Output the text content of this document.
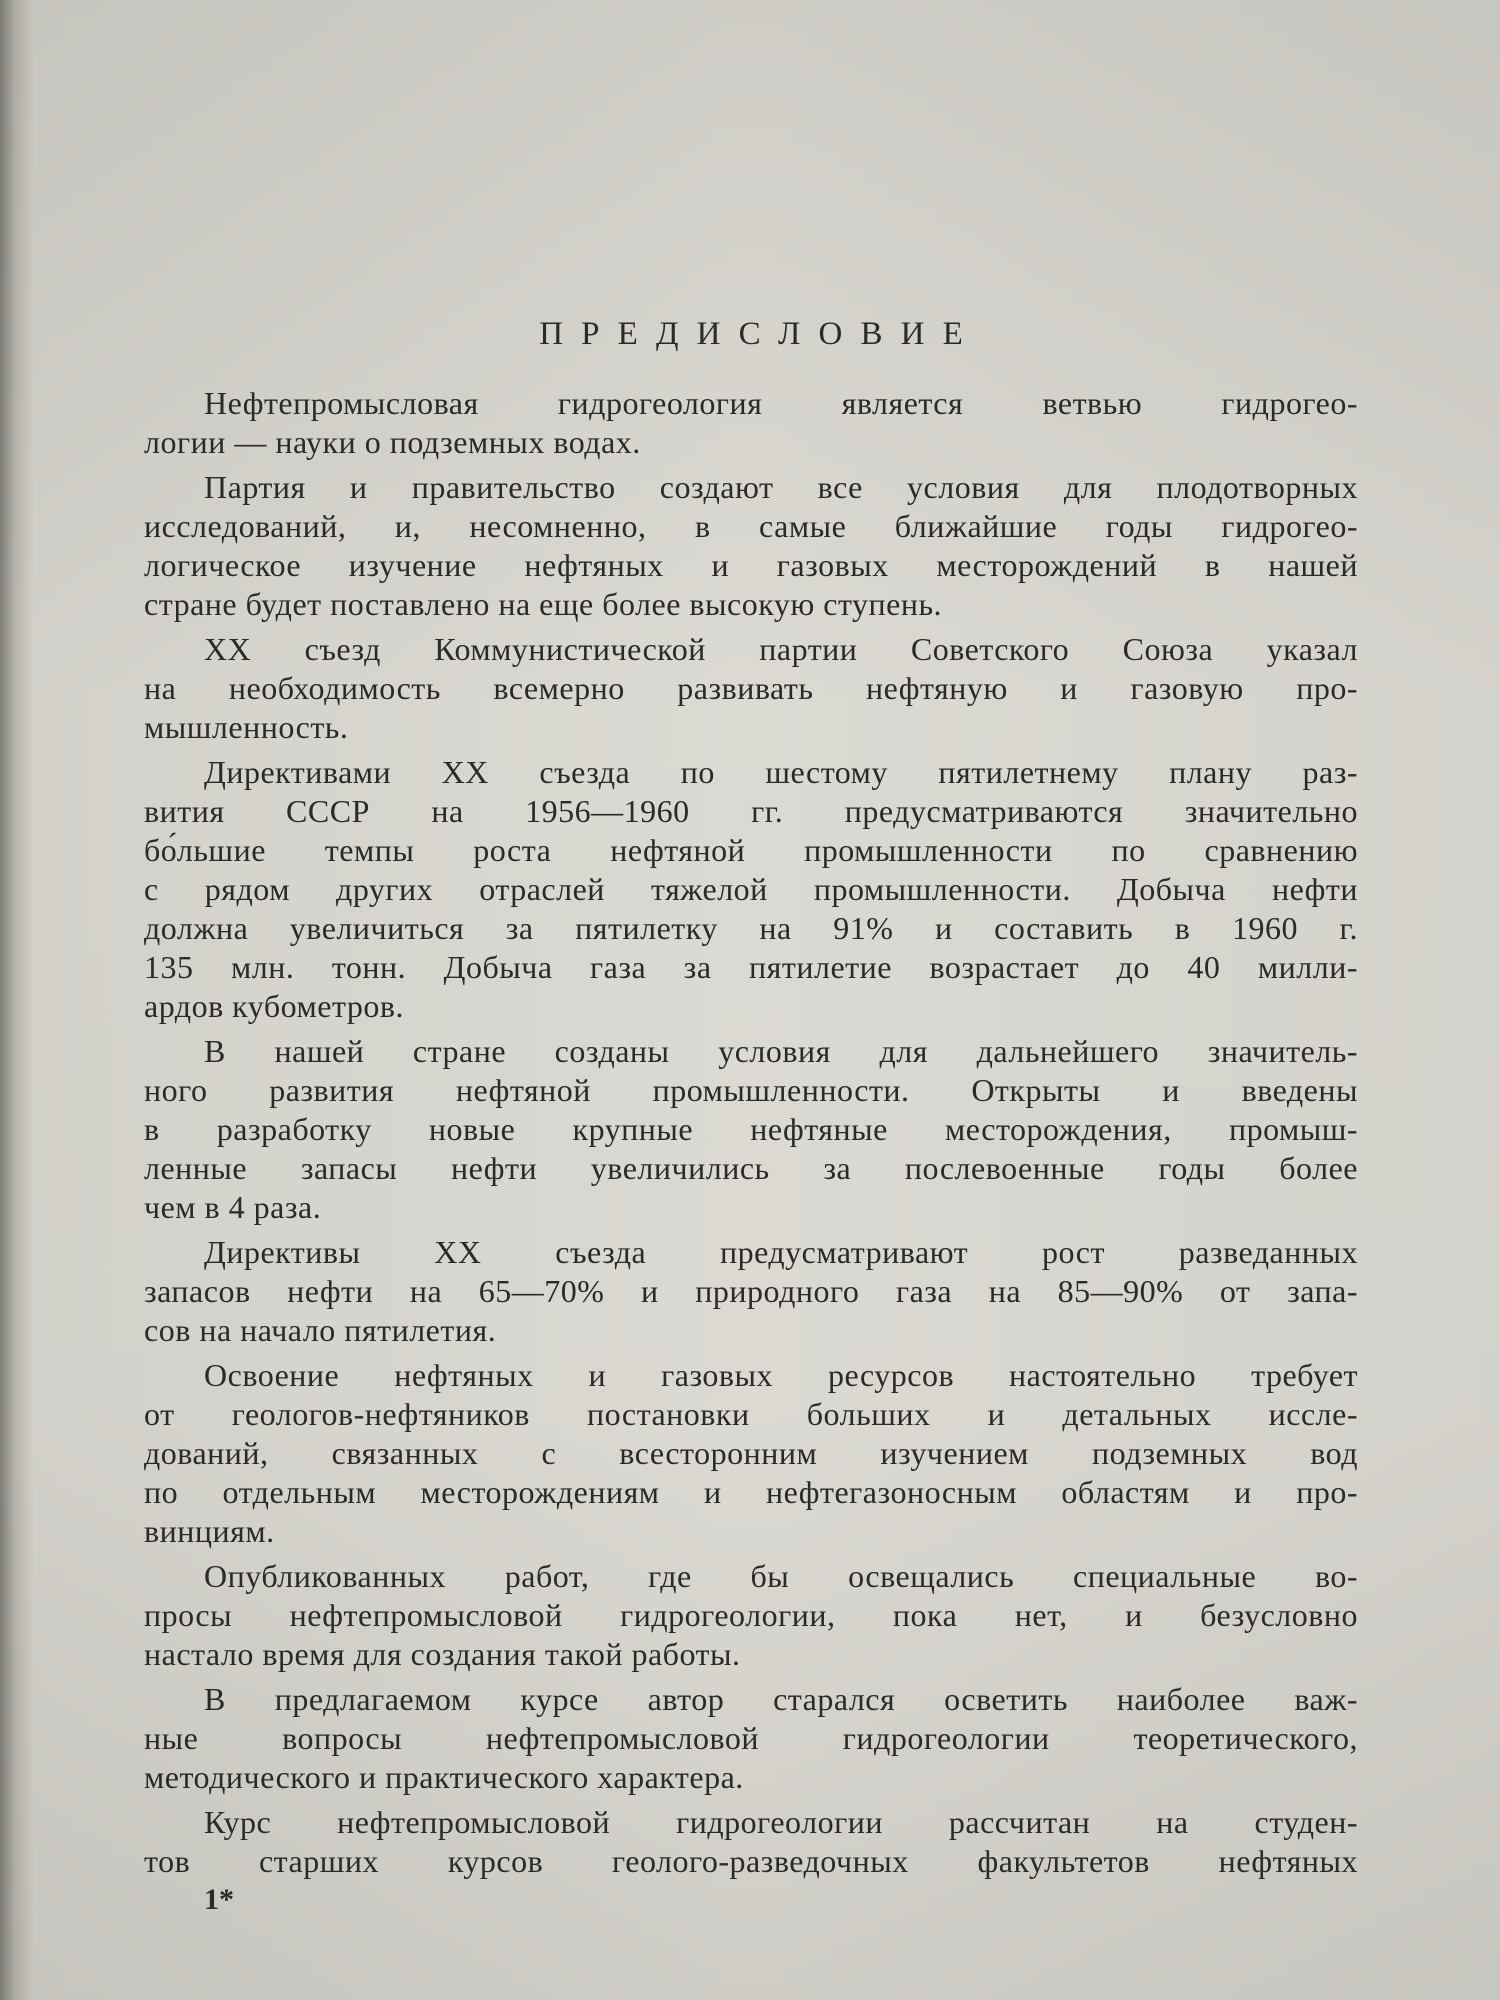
ПРЕДИСЛОВИЕ
Нефтепромысловая гидрогеология является ветвью гидрогео-
логии — науки о подземных водах.
Партия и правительство создают все условия для плодотворных
исследований, и, несомненно, в самые ближайшие годы гидрогео-
логическое изучение нефтяных и газовых месторождений в нашей
стране будет поставлено на еще более высокую ступень.
XX съезд Коммунистической партии Советского Союза указал
на необходимость всемерно развивать нефтяную и газовую про-
мышленность.
Директивами XX съезда по шестому пятилетнему плану раз-
вития СССР на 1956—1960 гг. предусматриваются значительно
бо́льшие темпы роста нефтяной промышленности по сравнению
с рядом других отраслей тяжелой промышленности. Добыча нефти
должна увеличиться за пятилетку на 91% и составить в 1960 г.
135 млн. тонн. Добыча газа за пятилетие возрастает до 40 милли-
ардов кубометров.
В нашей стране созданы условия для дальнейшего значитель-
ного развития нефтяной промышленности. Открыты и введены
в разработку новые крупные нефтяные месторождения, промыш-
ленные запасы нефти увеличились за послевоенные годы более
чем в 4 раза.
Директивы XX съезда предусматривают рост разведанных
запасов нефти на 65—70% и природного газа на 85—90% от запа-
сов на начало пятилетия.
Освоение нефтяных и газовых ресурсов настоятельно требует
от геологов-нефтяников постановки больших и детальных иссле-
дований, связанных с всесторонним изучением подземных вод
по отдельным месторождениям и нефтегазоносным областям и про-
винциям.
Опубликованных работ, где бы освещались специальные во-
просы нефтепромысловой гидрогеологии, пока нет, и безусловно
настало время для создания такой работы.
В предлагаемом курсе автор старался осветить наиболее важ-
ные вопросы нефтепромысловой гидрогеологии теоретического,
методического и практического характера.
Курс нефтепромысловой гидрогеологии рассчитан на студен-
тов старших курсов геолого-разведочных факультетов нефтяных
1*
